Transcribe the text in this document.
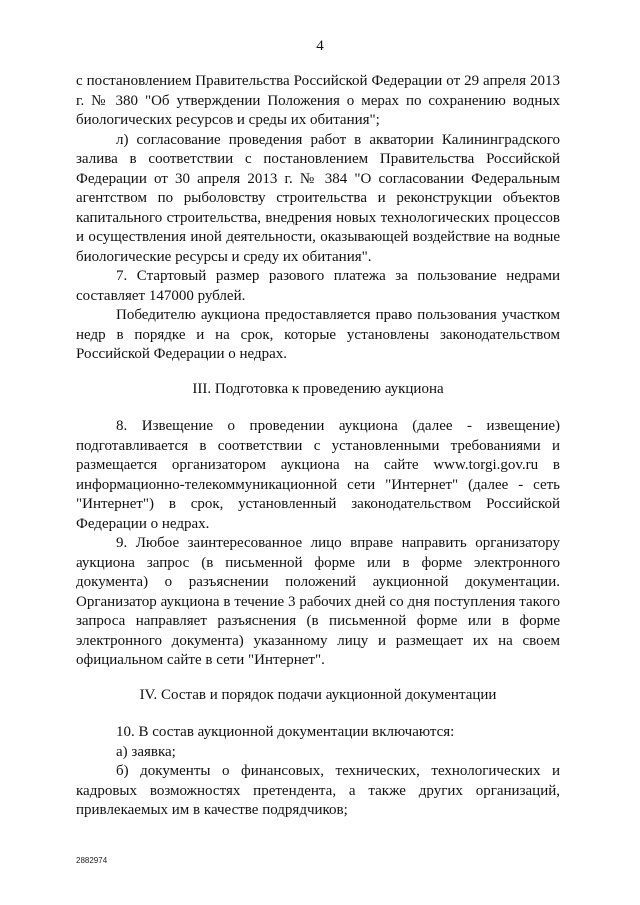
4

с постановлением Правительства Российской Федерации от 29 апреля 2013 г. № 380 "Об утверждении Положения о мерах по сохранению водных биологических ресурсов и среды их обитания";

л) согласование проведения работ в акватории Калининградского залива в соответствии с постановлением Правительства Российской Федерации от 30 апреля 2013 г. № 384 "О согласовании Федеральным агентством по рыболовству строительства и реконструкции объектов капитального строительства, внедрения новых технологических процессов и осуществления иной деятельности, оказывающей воздействие на водные биологические ресурсы и среду их обитания".

7. Стартовый размер разового платежа за пользование недрами составляет 147000 рублей.

Победителю аукциона предоставляется право пользования участком недр в порядке и на срок, которые установлены законодательством Российской Федерации о недрах.

III. Подготовка к проведению аукциона

8. Извещение о проведении аукциона (далее - извещение) подготавливается в соответствии с установленными требованиями и размещается организатором аукциона на сайте www.torgi.gov.ru в информационно-телекоммуникационной сети "Интернет" (далее - сеть "Интернет") в срок, установленный законодательством Российской Федерации о недрах.

9. Любое заинтересованное лицо вправе направить организатору аукциона запрос (в письменной форме или в форме электронного документа) о разъяснении положений аукционной документации. Организатор аукциона в течение 3 рабочих дней со дня поступления такого запроса направляет разъяснения (в письменной форме или в форме электронного документа) указанному лицу и размещает их на своем официальном сайте в сети "Интернет".

IV. Состав и порядок подачи аукционной документации

10. В состав аукционной документации включаются:

а) заявка;

б) документы о финансовых, технических, технологических и кадровых возможностях претендента, а также других организаций, привлекаемых им в качестве подрядчиков;

2882974
